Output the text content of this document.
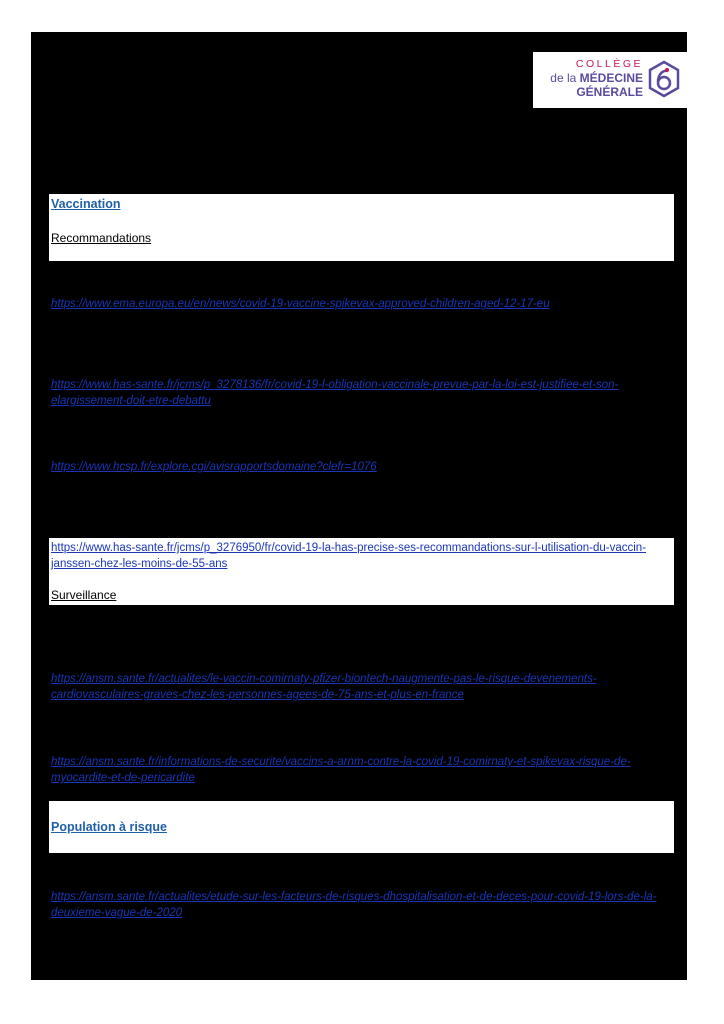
COLLÈGE
de la MÉDECINE
GÉNÉRALE
Vaccination
Recommandations
https://www.ema.europa.eu/en/news/covid-19-vaccine-spikevax-approved-children-aged-12-17-eu
https://www.has-sante.fr/jcms/p_3278136/fr/covid-19-l-obligation-vaccinale-prevue-par-la-loi-est-justifiee-et-son-elargissement-doit-etre-debattu
https://www.hcsp.fr/explore.cgi/avisrapportsdomaine?clefr=1076
https://www.has-sante.fr/jcms/p_3276950/fr/covid-19-la-has-precise-ses-recommandations-sur-l-utilisation-du-vaccin-janssen-chez-les-moins-de-55-ans
Surveillance
https://ansm.sante.fr/actualites/le-vaccin-comirnaty-pfizer-biontech-naugmente-pas-le-risque-devenements-cardiovasculaires-graves-chez-les-personnes-agees-de-75-ans-et-plus-en-france
https://ansm.sante.fr/informations-de-securite/vaccins-a-arnm-contre-la-covid-19-comirnaty-et-spikevax-risque-de-myocardite-et-de-pericardite
Population à risque
https://ansm.sante.fr/actualites/etude-sur-les-facteurs-de-risques-dhospitalisation-et-de-deces-pour-covid-19-lors-de-la-deuxieme-vague-de-2020
